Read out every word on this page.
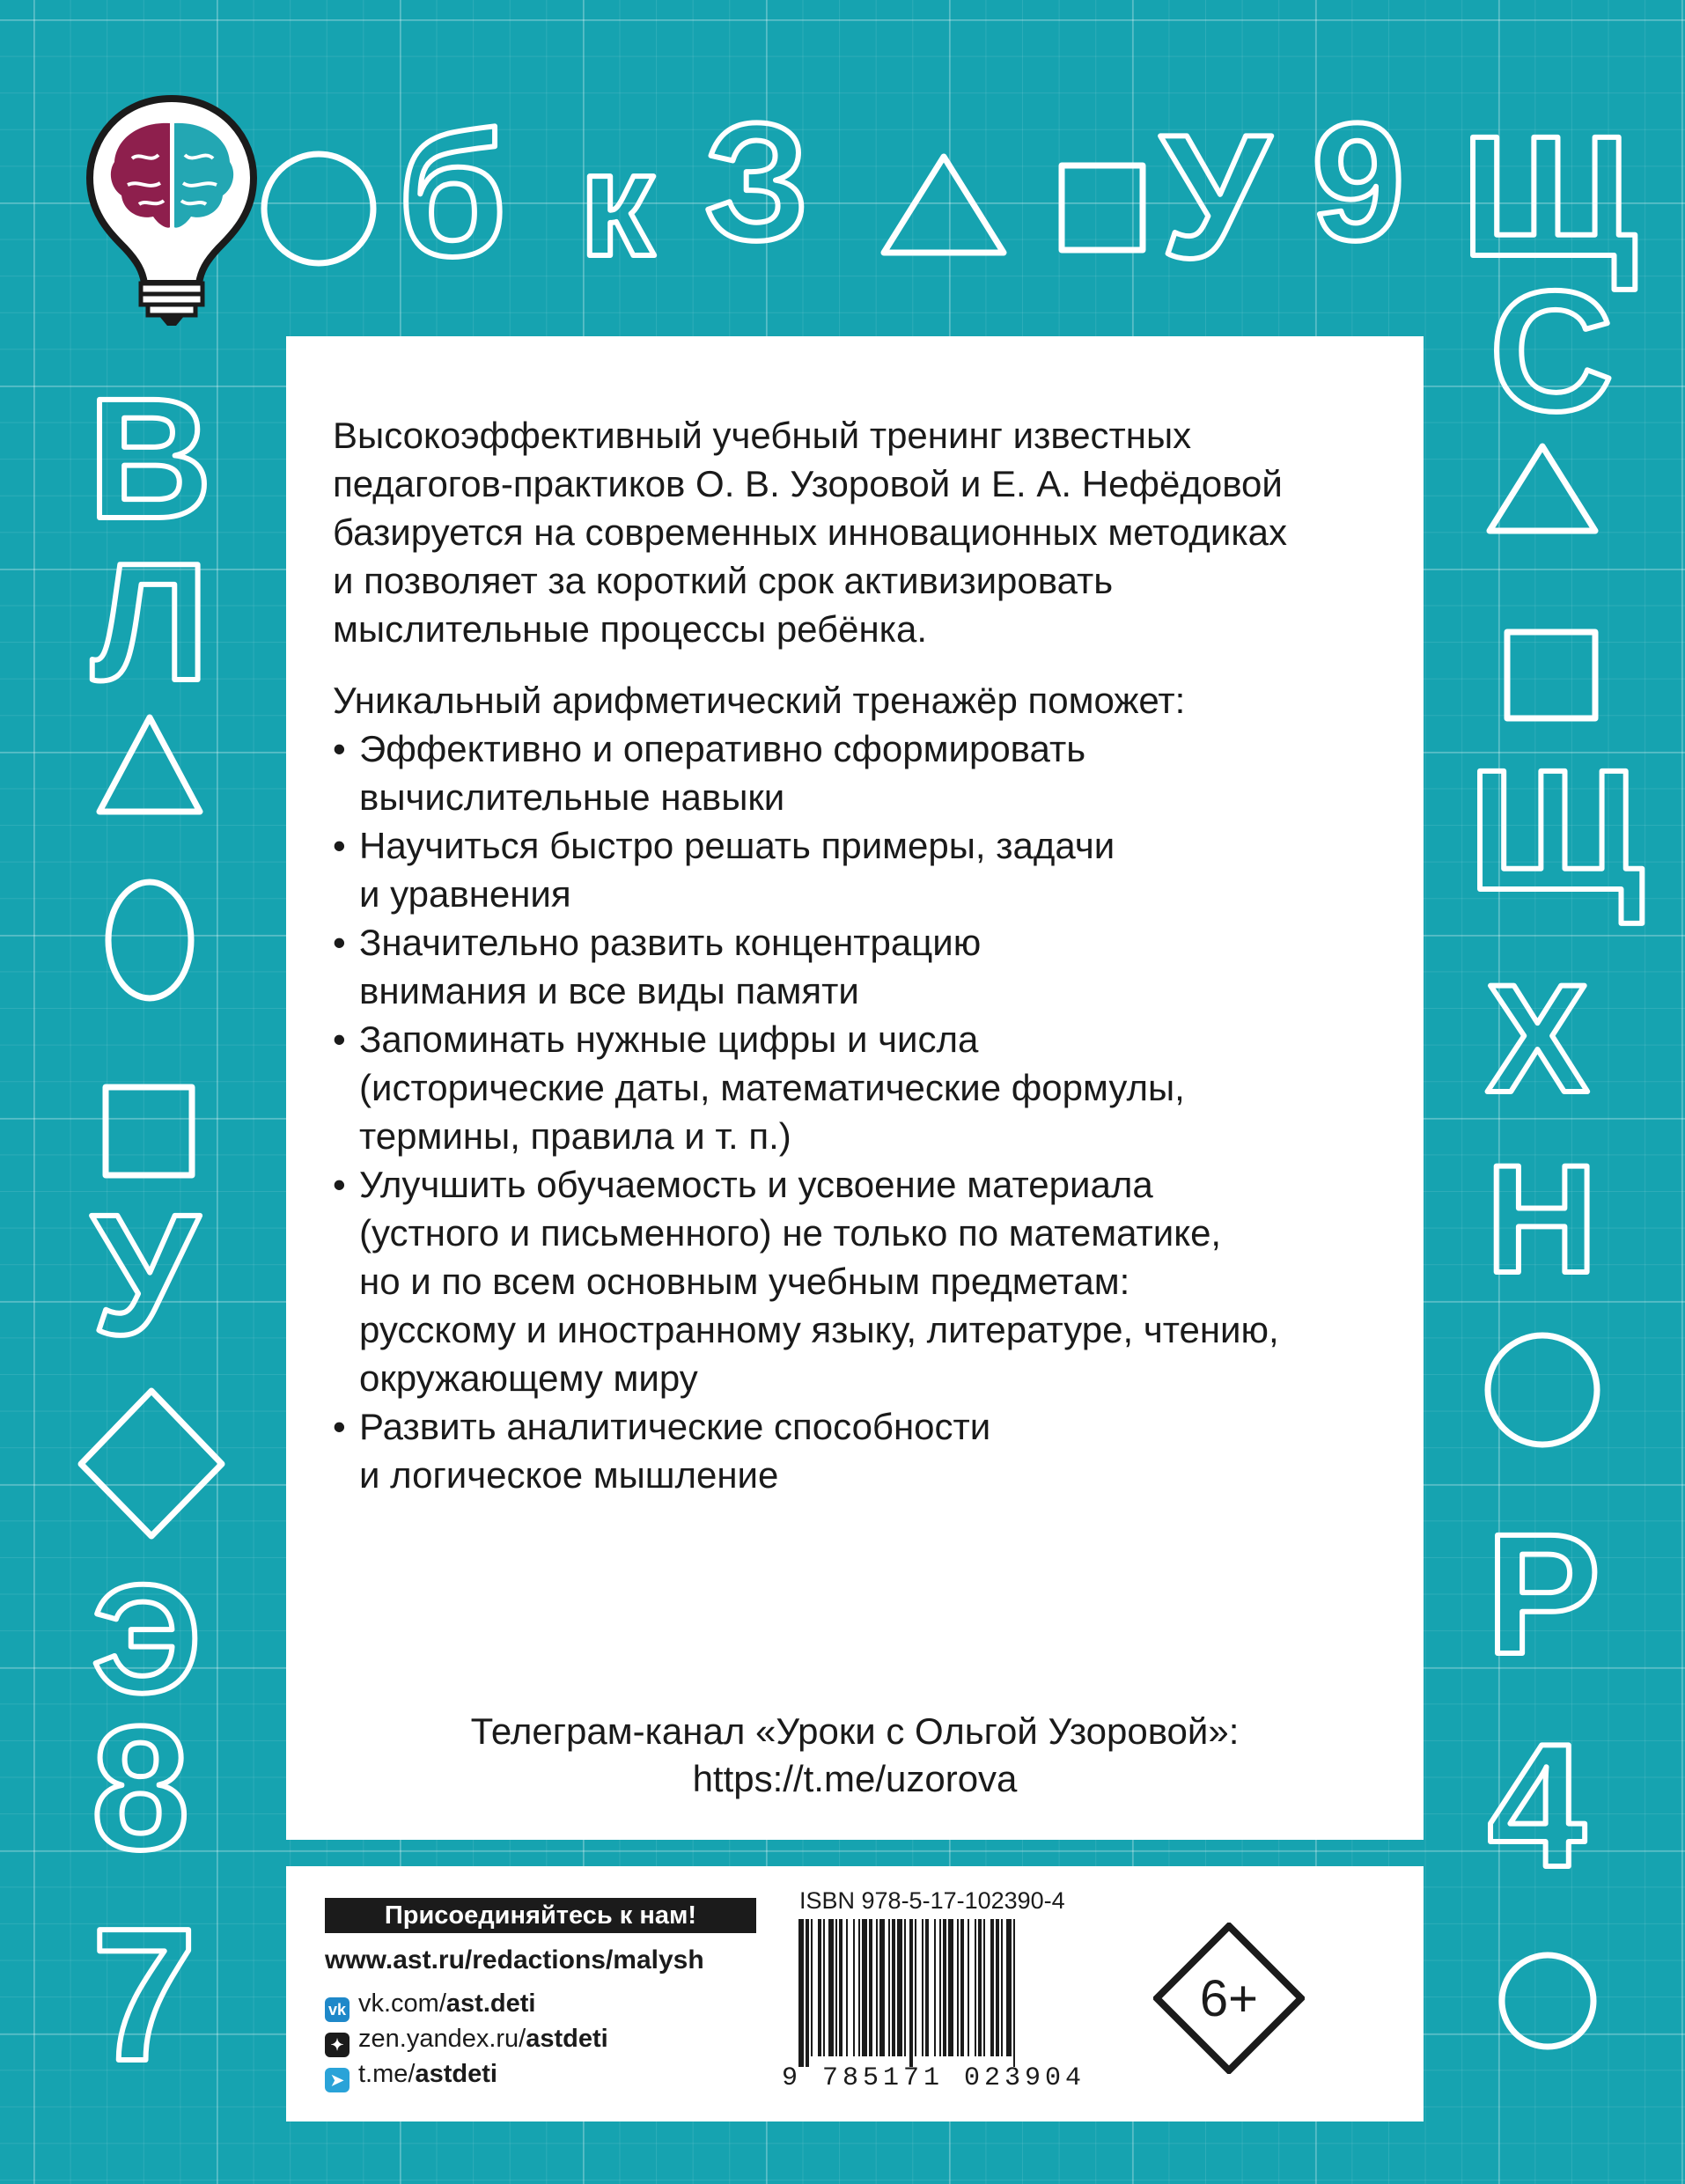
б к З У 9 Щ
В
Л
У
Э
8
7
С
Щ
Х
Н
Р
4

Высокоэффективный учебный тренинг известных
педагогов-практиков О. В. Узоровой и Е. А. Нефёдовой
базируется на современных инновационных методиках
и позволяет за короткий срок активизировать
мыслительные процессы ребёнка.

Уникальный арифметический тренажёр поможет:

• Эффективно и оперативно сформировать
вычислительные навыки
• Научиться быстро решать примеры, задачи
и уравнения
• Значительно развить концентрацию
внимания и все виды памяти
• Запоминать нужные цифры и числа
(исторические даты, математические формулы,
термины, правила и т. п.)
• Улучшить обучаемость и усвоение материала
(устного и письменного) не только по математике,
но и по всем основным учебным предметам:
русскому и иностранному языку, литературе, чтению,
окружающему миру
• Развить аналитические способности
и логическое мышление
Телеграм-канал «Уроки с Ольгой Узоровой»:
https://t.me/uzorova
Присоединяйтесь к нам!
www.ast.ru/redactions/malysh
vk vk.com/ast.deti
✦ zen.yandex.ru/astdeti
➤ t.me/astdeti
ISBN 978-5-17-102390-4
9 785171 023904
6+
